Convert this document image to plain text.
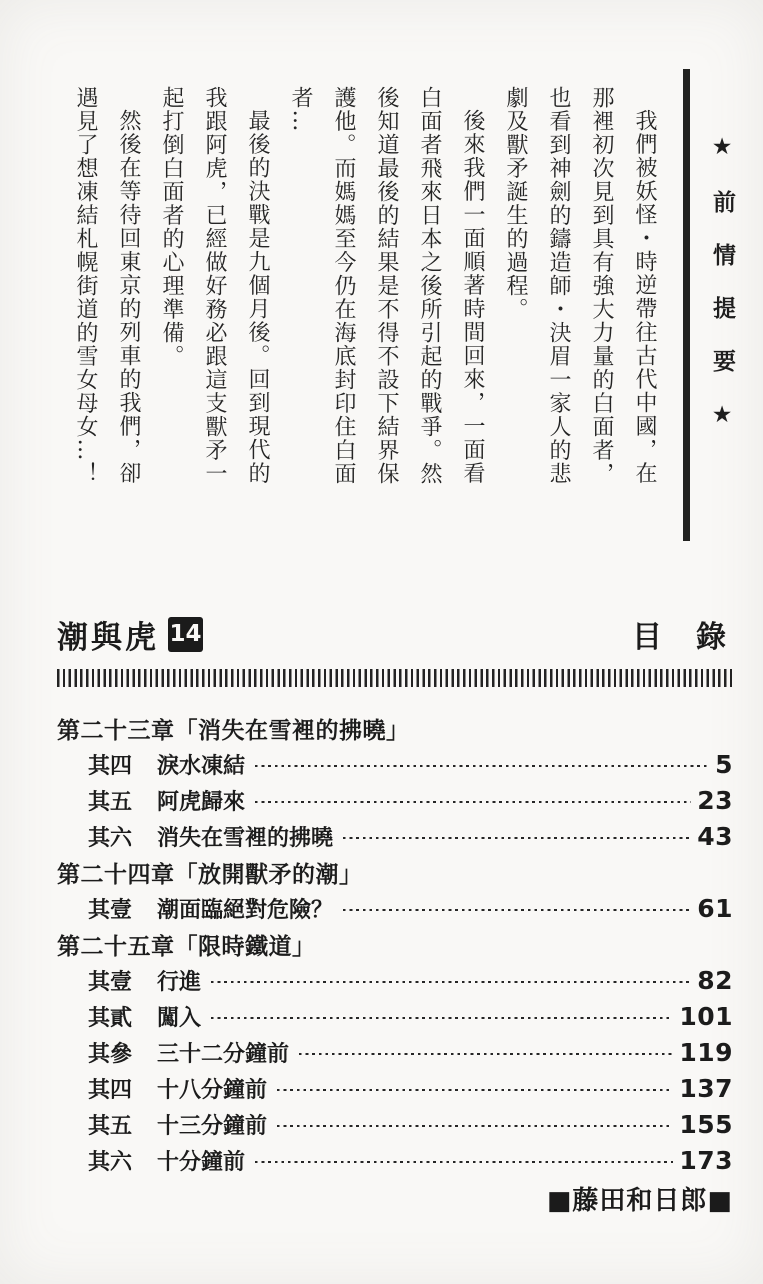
我們被妖怪・時逆帶往古代中國，在那裡初次見到具有強大力量的白面者，也看到神劍的鑄造師・決眉一家人的悲劇及獸矛誕生的過程。

後來我們一面順著時間回來，一面看白面者飛來日本之後所引起的戰爭。然後知道最後的結果是不得不設下結界保護他。而媽媽至今仍在海底封印住白面者…

最後的決戰是九個月後。回到現代的我跟阿虎，已經做好務必跟這支獸矛一起打倒白面者的心理準備。

然後在等待回東京的列車的我們，卻遇見了想凍結札幌街道的雪女母女…！	★前情提要★
潮與虎 14	目　錄
第二十三章「消失在雪裡的拂曉」
其四 淚水凍結	5
其五 阿虎歸來	23
其六 消失在雪裡的拂曉	43
第二十四章「放開獸矛的潮」
其壹 潮面臨絕對危險？	61
第二十五章「限時鐵道」
其壹 行進	82
其貳 闖入	101
其參 三十二分鐘前	119
其四 十八分鐘前	137
其五 十三分鐘前	155
其六 十分鐘前	173
■藤田和日郎■
